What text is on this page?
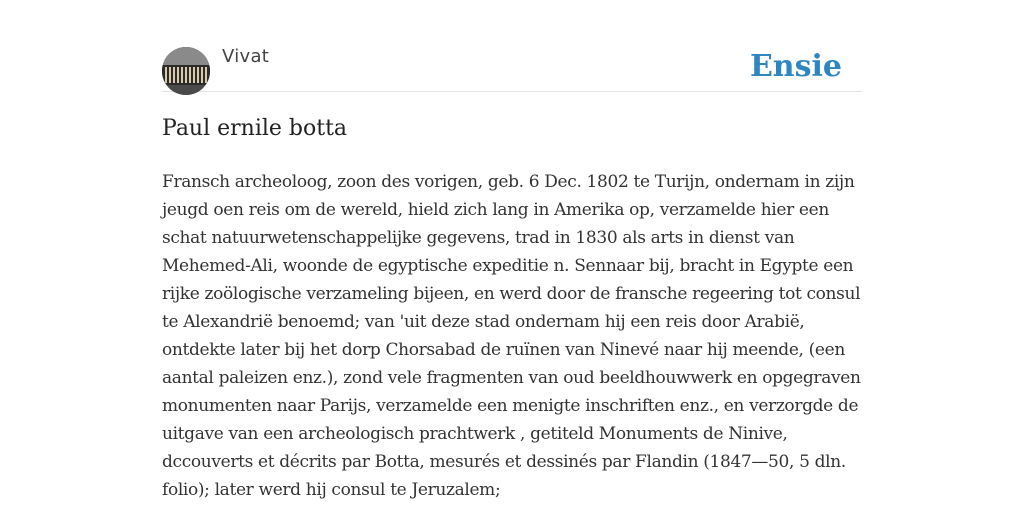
Vivat	Ensie
Paul ernile botta

Fransch archeoloog, zoon des vorigen, geb. 6 Dec. 1802 te Turijn, ondernam in zijn jeugd oen reis om de wereld, hield zich lang in Amerika op, verzamelde hier een schat natuurwetenschappelijke gegevens, trad in 1830 als arts in dienst van Mehemed-Ali, woonde de egyptische expeditie n. Sennaar bij, bracht in Egypte een rijke zoölogische verzameling bijeen, en werd door de fransche regeering tot consul te Alexandrië benoemd; van 'uit deze stad ondernam hij een reis door Arabië, ontdekte later bij het dorp Chorsabad de ruïnen van Ninevé naar hij meende, (een aantal paleizen enz.), zond vele fragmenten van oud beeldhouwwerk en opgegraven monumenten naar Parijs, verzamelde een menigte inschriften enz., en verzorgde de uitgave van een archeologisch prachtwerk , getiteld Monuments de Ninive, dccouverts et décrits par Botta, mesurés et dessinés par Flandin (1847—50, 5 dln. folio); later werd hij consul te Jeruzalem;
